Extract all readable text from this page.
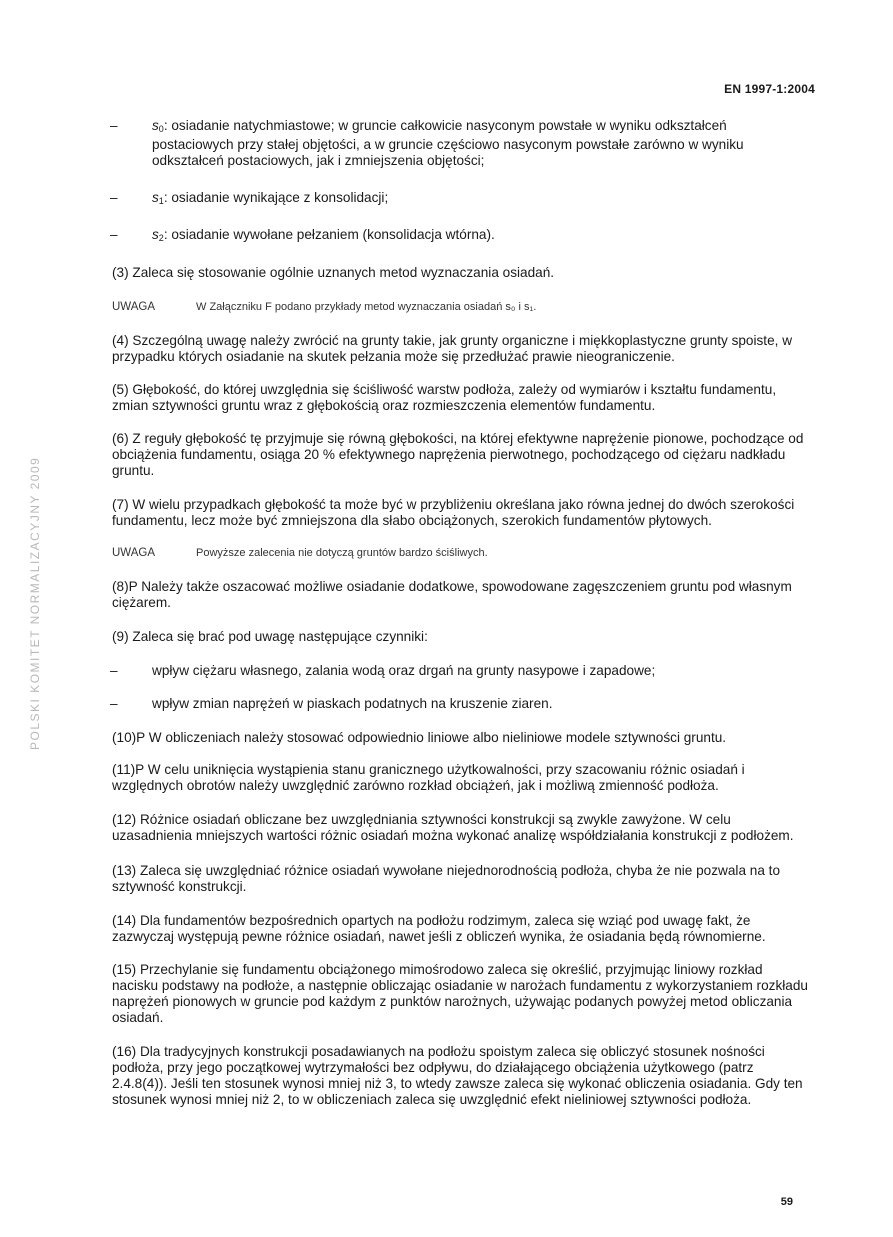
EN 1997-1:2004
POLSKI KOMITET NORMALIZACYJNY 2009
–	$s_0$: osiadanie natychmiastowe; w gruncie całkowicie nasyconym powstałe w wyniku odkształceń postaciowych przy stałej objętości, a w gruncie częściowo nasyconym powstałe zarówno w wyniku odkształceń postaciowych, jak i zmniejszenia objętości;
–	$s_1$: osiadanie wynikające z konsolidacji;
–	$s_2$: osiadanie wywołane pełzaniem (konsolidacja wtórna).

(3) Zaleca się stosowanie ogólnie uznanych metod wyznaczania osiadań.

UWAGA	W Załączniku F podano przykłady metod wyznaczania osiadań s₀ i s₁.

(4) Szczególną uwagę należy zwrócić na grunty takie, jak grunty organiczne i miękkoplastyczne grunty spoiste, w przypadku których osiadanie na skutek pełzania może się przedłużać prawie nieograniczenie.

(5) Głębokość, do której uwzględnia się ściśliwość warstw podłoża, zależy od wymiarów i kształtu fundamentu, zmian sztywności gruntu wraz z głębokością oraz rozmieszczenia elementów fundamentu.

(6) Z reguły głębokość tę przyjmuje się równą głębokości, na której efektywne naprężenie pionowe, pochodzące od obciążenia fundamentu, osiąga 20 % efektywnego naprężenia pierwotnego, pochodzącego od ciężaru nadkładu gruntu.

(7) W wielu przypadkach głębokość ta może być w przybliżeniu określana jako równa jednej do dwóch szerokości fundamentu, lecz może być zmniejszona dla słabo obciążonych, szerokich fundamentów płytowych.

UWAGA	Powyższe zalecenia nie dotyczą gruntów bardzo ściśliwych.

(8)P Należy także oszacować możliwe osiadanie dodatkowe, spowodowane zagęszczeniem gruntu pod własnym ciężarem.

(9) Zaleca się brać pod uwagę następujące czynniki:

–	wpływ ciężaru własnego, zalania wodą oraz drgań na grunty nasypowe i zapadowe;
–	wpływ zmian naprężeń w piaskach podatnych na kruszenie ziaren.

(10)P W obliczeniach należy stosować odpowiednio liniowe albo nieliniowe modele sztywności gruntu.

(11)P W celu uniknięcia wystąpienia stanu granicznego użytkowalności, przy szacowaniu różnic osiadań i względnych obrotów należy uwzględnić zarówno rozkład obciążeń, jak i możliwą zmienność podłoża.

(12) Różnice osiadań obliczane bez uwzględniania sztywności konstrukcji są zwykle zawyżone. W celu uzasadnienia mniejszych wartości różnic osiadań można wykonać analizę współdziałania konstrukcji z podłożem.

(13) Zaleca się uwzględniać różnice osiadań wywołane niejednorodnością podłoża, chyba że nie pozwala na to sztywność konstrukcji.

(14) Dla fundamentów bezpośrednich opartych na podłożu rodzimym, zaleca się wziąć pod uwagę fakt, że zazwyczaj występują pewne różnice osiadań, nawet jeśli z obliczeń wynika, że osiadania będą równomierne.

(15) Przechylanie się fundamentu obciążonego mimośrodowo zaleca się określić, przyjmując liniowy rozkład nacisku podstawy na podłoże, a następnie obliczając osiadanie w narożach fundamentu z wykorzystaniem rozkładu naprężeń pionowych w gruncie pod każdym z punktów narożnych, używając podanych powyżej metod obliczania osiadań.

(16) Dla tradycyjnych konstrukcji posadawianych na podłożu spoistym zaleca się obliczyć stosunek nośności podłoża, przy jego początkowej wytrzymałości bez odpływu, do działającego obciążenia użytkowego (patrz 2.4.8(4)). Jeśli ten stosunek wynosi mniej niż 3, to wtedy zawsze zaleca się wykonać obliczenia osiadania. Gdy ten stosunek wynosi mniej niż 2, to w obliczeniach zaleca się uwzględnić efekt nieliniowej sztywności podłoża.

59
